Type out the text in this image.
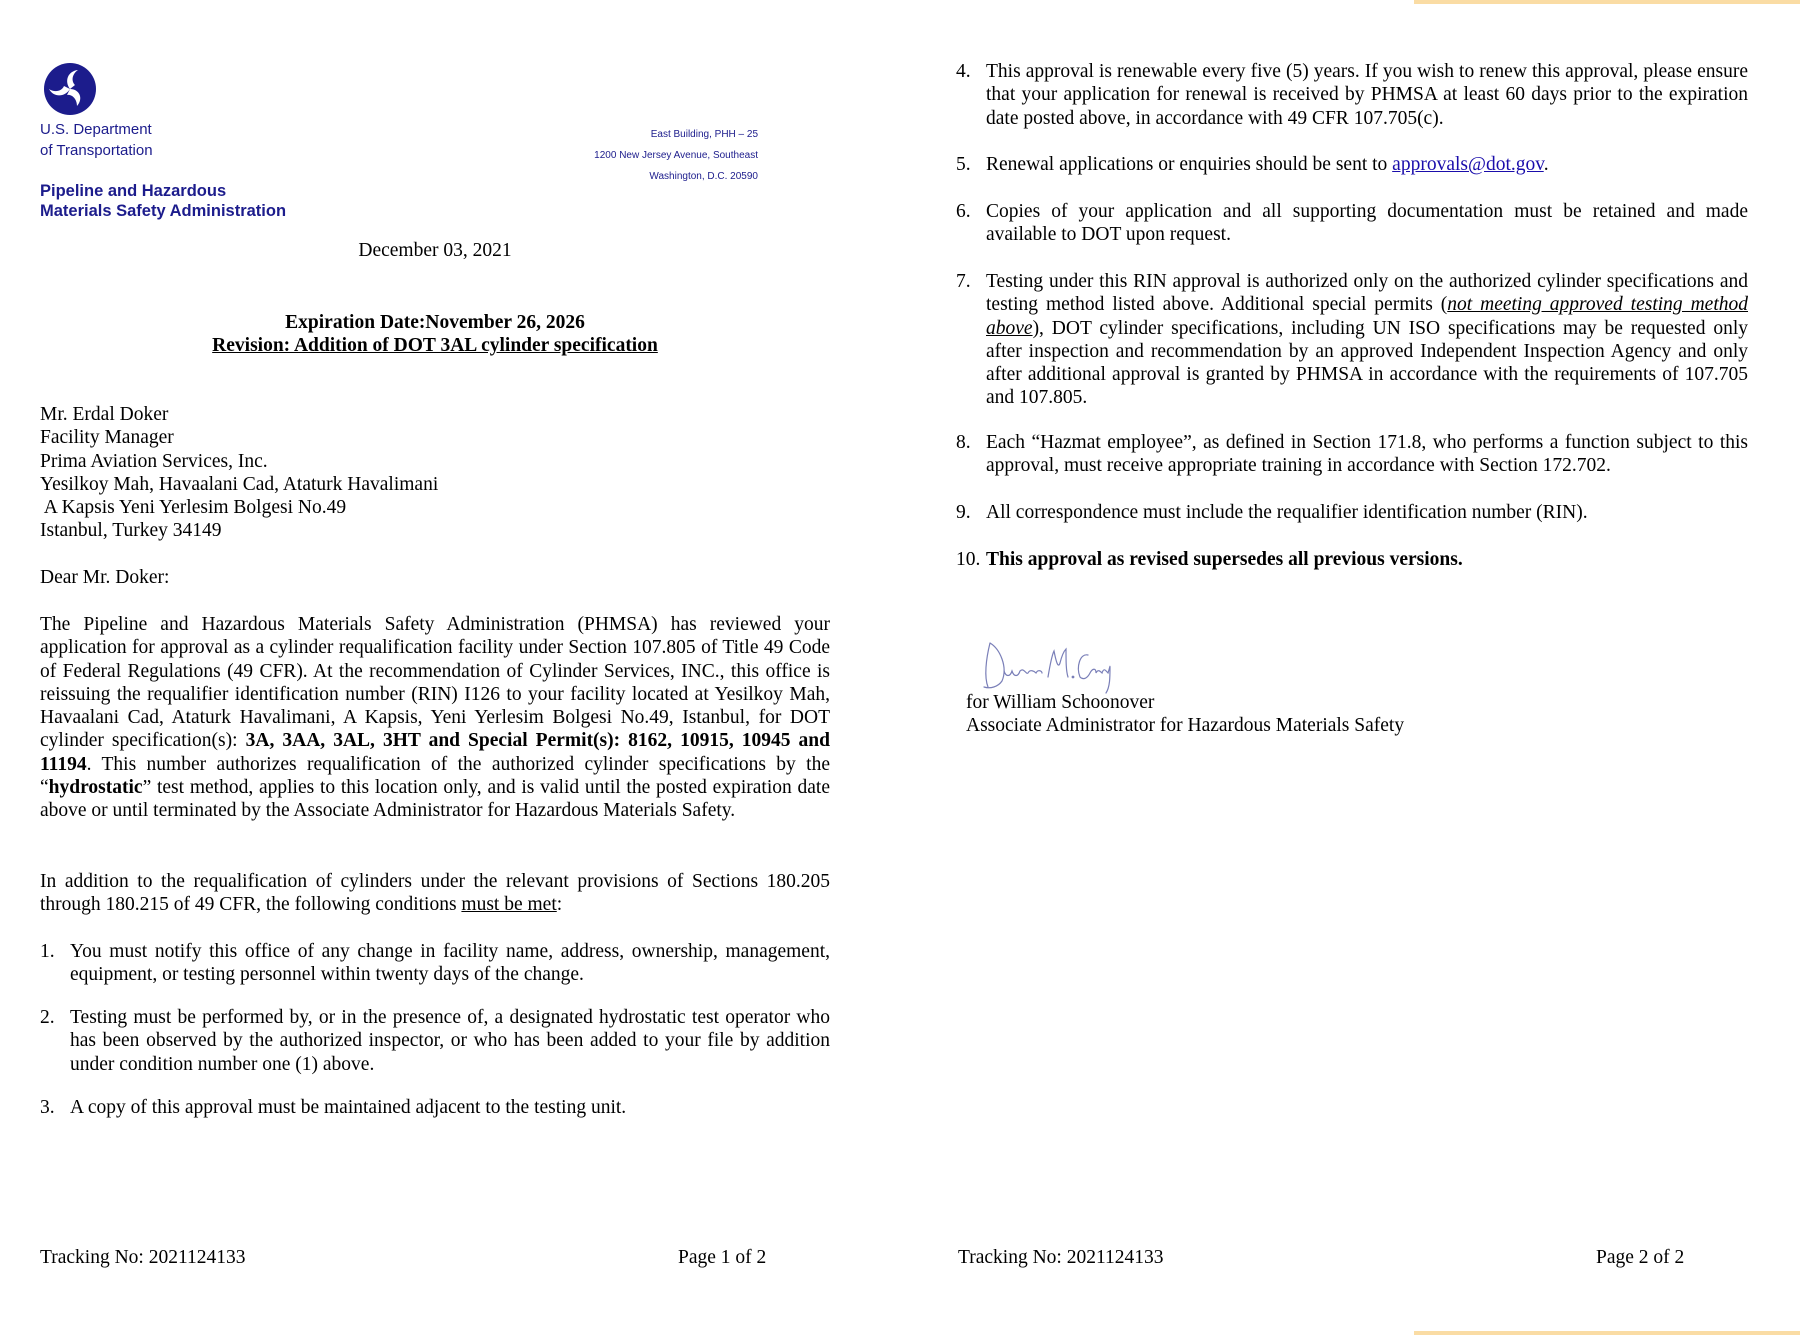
U.S. Department
of Transportation
Pipeline and Hazardous
Materials Safety Administration
East Building, PHH – 25
1200 New Jersey Avenue, Southeast
Washington, D.C. 20590
December 03, 2021
Expiration Date:November 26, 2026
Revision: Addition of DOT 3AL cylinder specification
Mr. Erdal Doker
Facility Manager
Prima Aviation Services, Inc.
Yesilkoy Mah, Havaalani Cad, Ataturk Havalimani
A Kapsis Yeni Yerlesim Bolgesi No.49
Istanbul, Turkey 34149
Dear Mr. Doker:
The Pipeline and Hazardous Materials Safety Administration (PHMSA) has reviewed your application for approval as a cylinder requalification facility under Section 107.805 of Title 49 Code of Federal Regulations (49 CFR). At the recommendation of Cylinder Services, INC., this office is reissuing the requalifier identification number (RIN) I126 to your facility located at Yesilkoy Mah, Havaalani Cad, Ataturk Havalimani, A Kapsis, Yeni Yerlesim Bolgesi No.49, Istanbul, for DOT cylinder specification(s): 3A, 3AA, 3AL, 3HT and Special Permit(s): 8162, 10915, 10945 and 11194. This number authorizes requalification of the authorized cylinder specifications by the “hydrostatic” test method, applies to this location only, and is valid until the posted expiration date above or until terminated by the Associate Administrator for Hazardous Materials Safety.
In addition to the requalification of cylinders under the relevant provisions of Sections 180.205 through 180.215 of 49 CFR, the following conditions must be met:
1. You must notify this office of any change in facility name, address, ownership, management, equipment, or testing personnel within twenty days of the change.
2. Testing must be performed by, or in the presence of, a designated hydrostatic test operator who has been observed by the authorized inspector, or who has been added to your file by addition under condition number one (1) above.
3. A copy of this approval must be maintained adjacent to the testing unit.
Tracking No: 2021124133	Page 1 of 2
4. This approval is renewable every five (5) years. If you wish to renew this approval, please ensure that your application for renewal is received by PHMSA at least 60 days prior to the expiration date posted above, in accordance with 49 CFR 107.705(c).
5. Renewal applications or enquiries should be sent to approvals@dot.gov.
6. Copies of your application and all supporting documentation must be retained and made available to DOT upon request.
7. Testing under this RIN approval is authorized only on the authorized cylinder specifications and testing method listed above. Additional special permits (not meeting approved testing method above), DOT cylinder specifications, including UN ISO specifications may be requested only after inspection and recommendation by an approved Independent Inspection Agency and only after additional approval is granted by PHMSA in accordance with the requirements of 107.705 and 107.805.
8. Each “Hazmat employee”, as defined in Section 171.8, who performs a function subject to this approval, must receive appropriate training in accordance with Section 172.702.
9. All correspondence must include the requalifier identification number (RIN).
10. This approval as revised supersedes all previous versions.
for William Schoonover
Associate Administrator for Hazardous Materials Safety
Tracking No: 2021124133	Page 2 of 2
